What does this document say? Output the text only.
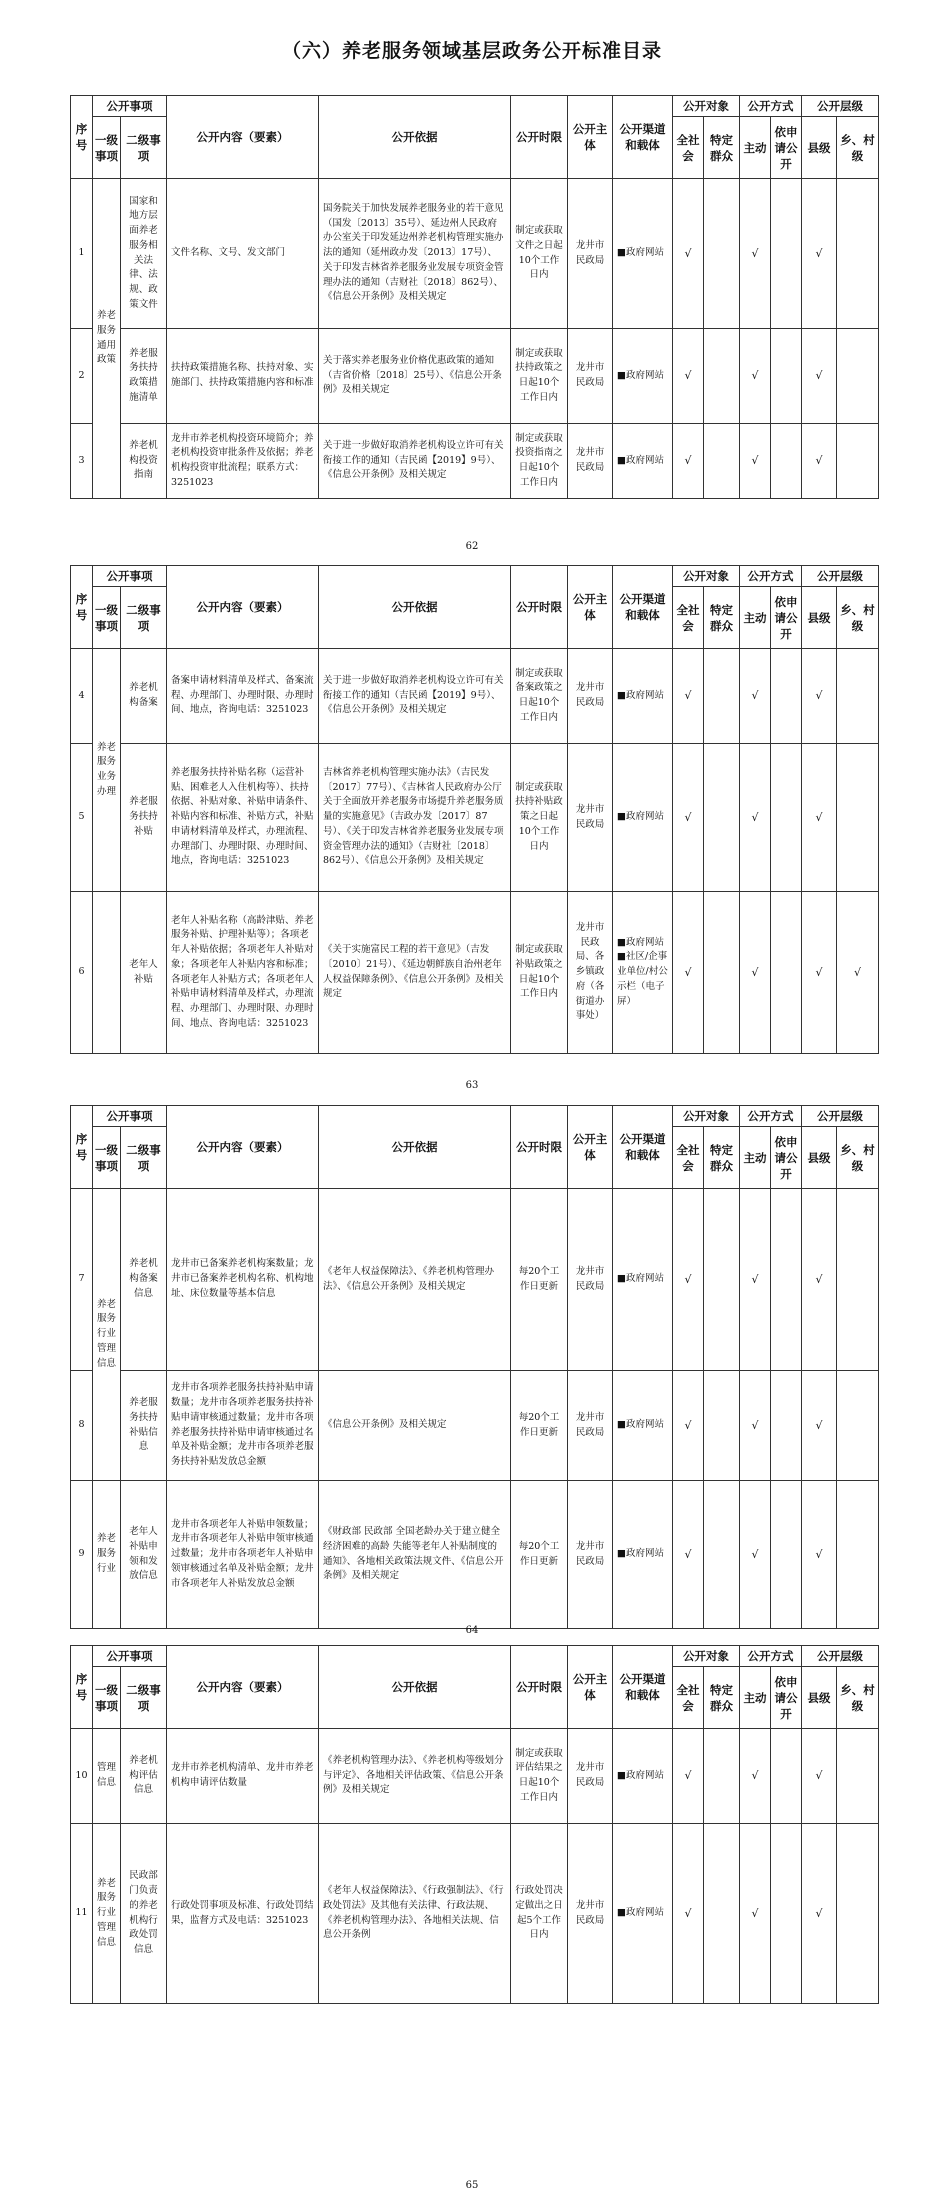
（六）养老服务领域基层政务公开标准目录
序号	公开事项		公开内容（要素）	公开依据	公开时限	公开主体	公开渠道和载体	公开对象		公开方式		公开层级	
	一级事项	二级事项						全社会	特定群众	主动	依申请公开	县级	乡、村级
1	养老服务通用政策	国家和地方层面养老服务相关法律、法规、政策文件	文件名称、文号、发文部门	国务院关于加快发展养老服务业的若干意见（国发〔2013〕35号）、延边州人民政府办公室关于印发延边州养老机构管理实施办法的通知（延州政办发〔2013〕17号）、关于印发吉林省养老服务业发展专项资金管理办法的通知（吉财社〔2018〕862号）、《信息公开条例》及相关规定	制定或获取文件之日起10个工作日内	龙井市民政局	■政府网站	√		√		√	
2		养老服务扶持政策措施清单	扶持政策措施名称、扶持对象、实施部门、扶持政策措施内容和标准	关于落实养老服务业价格优惠政策的通知（吉省价格〔2018〕25号）、《信息公开条例》及相关规定	制定或获取扶持政策之日起10个工作日内	龙井市民政局	■政府网站	√		√		√	
3		养老机构投资指南	龙井市养老机构投资环境简介；养老机构投资审批条件及依据；养老机构投资审批流程；联系方式：3251023	关于进一步做好取消养老机构设立许可有关衔接工作的通知（吉民函【2019】9号）、《信息公开条例》及相关规定	制定或获取投资指南之日起10个工作日内	龙井市民政局	■政府网站	√		√		√	
62
序号	公开事项		公开内容（要素）	公开依据	公开时限	公开主体	公开渠道和载体	公开对象		公开方式		公开层级	
	一级事项	二级事项						全社会	特定群众	主动	依申请公开	县级	乡、村级
4	养老服务业务办理	养老机构备案	备案申请材料清单及样式、备案流程、办理部门、办理时限、办理时间、地点，咨询电话：3251023	关于进一步做好取消养老机构设立许可有关衔接工作的通知（吉民函【2019】9号）、《信息公开条例》及相关规定	制定或获取备案政策之日起10个工作日内	龙井市民政局	■政府网站	√		√		√	
5		养老服务扶持补贴	养老服务扶持补贴名称（运营补贴、困难老人入住机构等）、扶持依据、补贴对象、补贴申请条件、补贴内容和标准、补贴方式，补贴申请材料清单及样式，办理流程、办理部门、办理时限、办理时间、地点，咨询电话：3251023	吉林省养老机构管理实施办法》（吉民发〔2017〕77号）、《吉林省人民政府办公厅关于全面放开养老服务市场提升养老服务质量的实施意见》（吉政办发〔2017〕87号）、《关于印发吉林省养老服务业发展专项资金管理办法的通知》（吉财社〔2018〕862号）、《信息公开条例》及相关规定	制定或获取扶持补贴政策之日起10个工作日内	龙井市民政局	■政府网站	√		√		√	
6		老年人补贴	老年人补贴名称（高龄津贴、养老服务补贴、护理补贴等）；各项老年人补贴依据；各项老年人补贴对象；各项老年人补贴内容和标准；各项老年人补贴方式；各项老年人补贴申请材料清单及样式，办理流程、办理部门、办理时限、办理时间、地点、咨询电话：3251023	《关于实施富民工程的若干意见》（吉发〔2010〕21号）、《延边朝鲜族自治州老年人权益保障条例》、《信息公开条例》及相关规定	制定或获取补贴政策之日起10个工作日内	龙井市民政局、各乡镇政府（各街道办事处）	■政府网站 ■社区/企事业单位/村公示栏（电子屏）	√		√		√	√
63
序号	公开事项		公开内容（要素）	公开依据	公开时限	公开主体	公开渠道和载体	公开对象		公开方式		公开层级	
	一级事项	二级事项						全社会	特定群众	主动	依申请公开	县级	乡、村级
7	养老服务行业管理信息	养老机构备案信息	龙井市已备案养老机构案数量；龙井市已备案养老机构名称、机构地址、床位数量等基本信息	《老年人权益保障法》、《养老机构管理办法》、《信息公开条例》及相关规定	每20个工作日更新	龙井市民政局	■政府网站	√		√		√	
8		养老服务扶持补贴信息	龙井市各项养老服务扶持补贴申请数量；龙井市各项养老服务扶持补贴申请审核通过数量；龙井市各项养老服务扶持补贴申请审核通过名单及补贴金额；龙井市各项养老服务扶持补贴发放总金额	《信息公开条例》及相关规定	每20个工作日更新	龙井市民政局	■政府网站	√		√		√	
9	养老服务行业	老年人补贴申领和发放信息	龙井市各项老年人补贴申领数量；龙井市各项老年人补贴申领审核通过数量；龙井市各项老年人补贴申领审核通过名单及补贴金额；龙井市各项老年人补贴发放总金额	《财政部 民政部 全国老龄办关于建立健全经济困难的高龄 失能等老年人补贴制度的通知》、各地相关政策法规文件、《信息公开条例》及相关规定	每20个工作日更新	龙井市民政局	■政府网站	√		√		√	
64
序号	公开事项		公开内容（要素）	公开依据	公开时限	公开主体	公开渠道和载体	公开对象		公开方式		公开层级	
	一级事项	二级事项						全社会	特定群众	主动	依申请公开	县级	乡、村级
10	管理信息	养老机构评估信息	龙井市养老机构清单、龙井市养老机构申请评估数量	《养老机构管理办法》、《养老机构等级划分与评定》、各地相关评估政策、《信息公开条例》及相关规定	制定或获取评估结果之日起10个工作日内	龙井市民政局	■政府网站	√		√		√	
11	养老服务行业管理信息	民政部门负责的养老机构行政处罚信息	行政处罚事项及标准、行政处罚结果，监督方式及电话：3251023	《老年人权益保障法》、《行政强制法》、《行政处罚法》及其他有关法律、行政法规、《养老机构管理办法》、各地相关法规、信息公开条例	行政处罚决定做出之日起5个工作日内	龙井市民政局	■政府网站	√		√		√	
65
